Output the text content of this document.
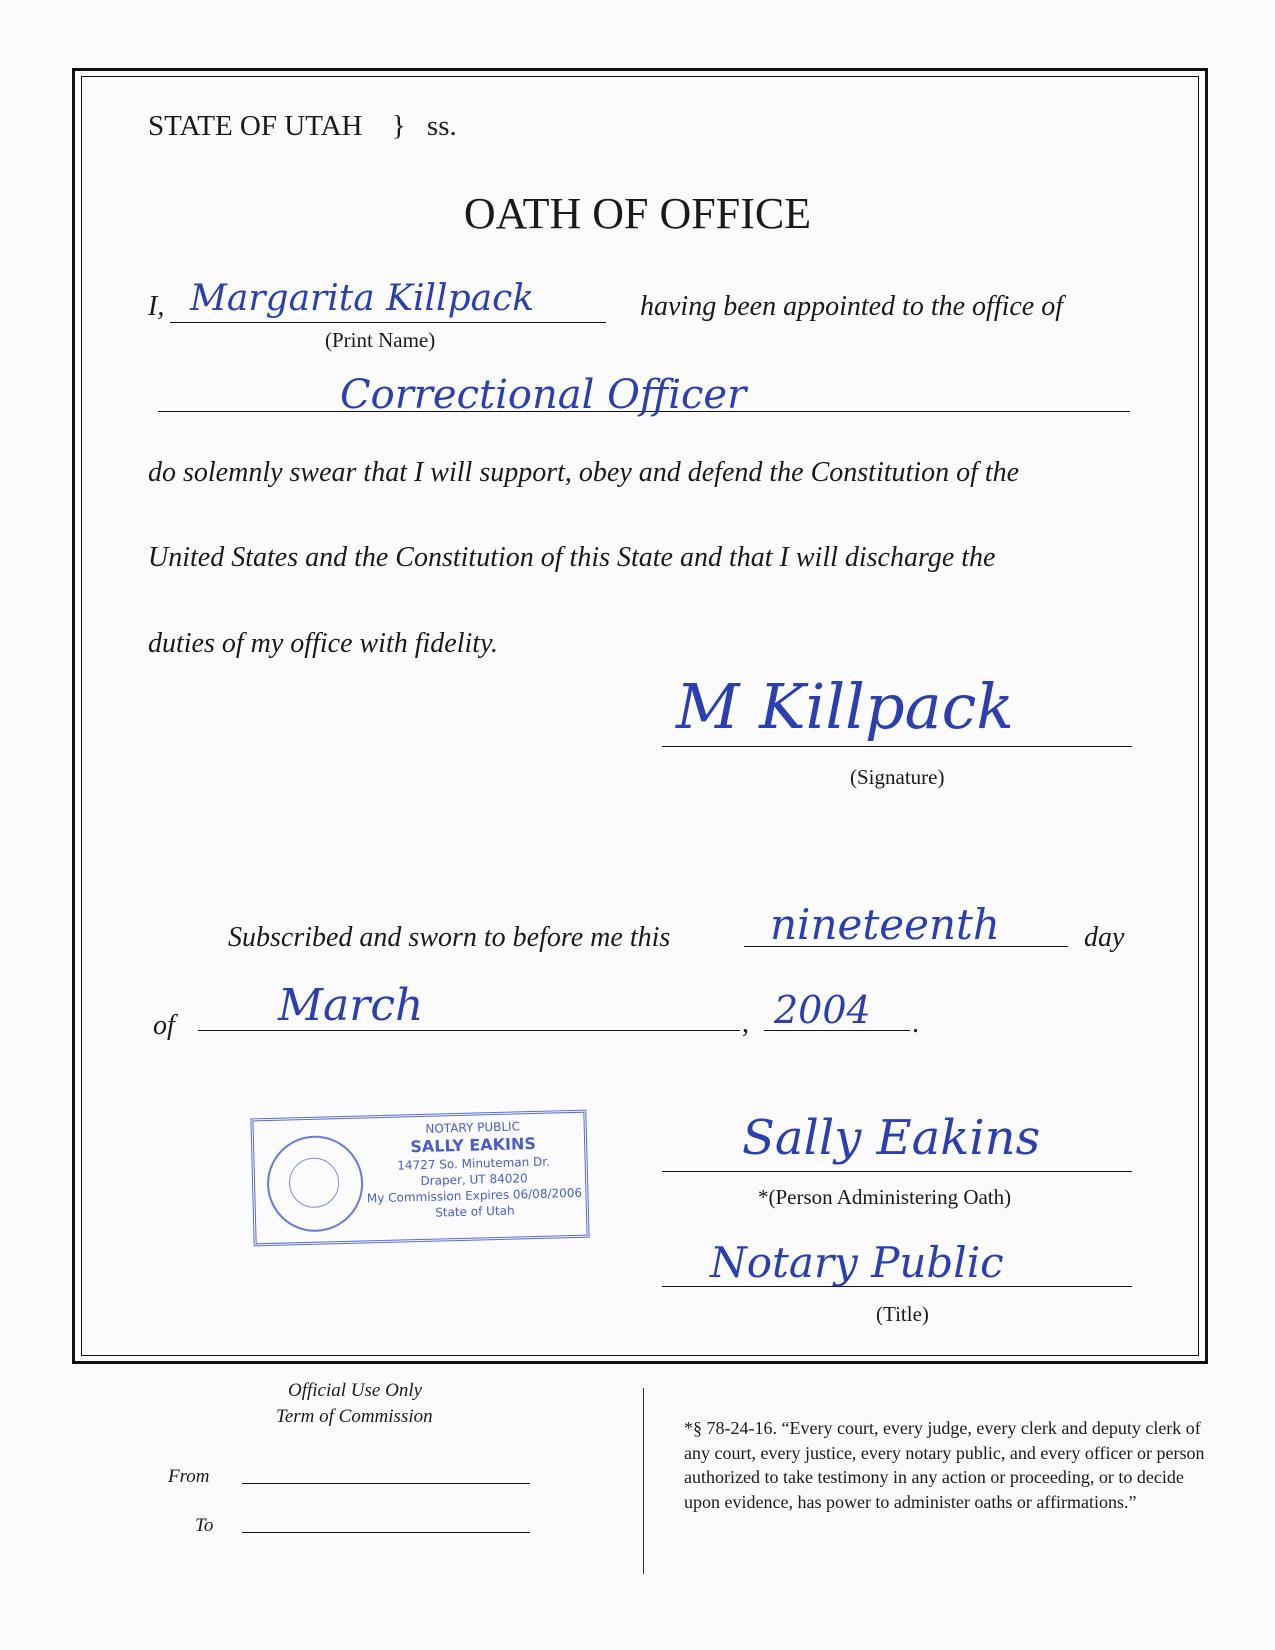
STATE OF UTAH } ss.
OATH OF OFFICE
I, Margarita Killpack
(Print Name)
having been appointed to the office of
Correctional Officer
do solemnly swear that I will support, obey and defend the Constitution of the
United States and the Constitution of this State and that I will discharge the
duties of my office with fidelity.
M Killpack
(Signature)
Subscribed and sworn to before me this nineteenth	day
of March	, 2004 .
NOTARY PUBLIC
SALLY EAKINS
14727 So. Minuteman Dr.
Draper, UT 84020
My Commission Expires 06/08/2006
State of Utah
Sally Eakins
*(Person Administering Oath)
Notary Public
(Title)
Official Use Only
Term of Commission
From
To
*§ 78-24-16. “Every court, every judge, every clerk and deputy clerk of any court, every justice, every notary public, and every officer or person authorized to take testimony in any action or proceeding, or to decide upon evidence, has power to administer oaths or affirmations.”
